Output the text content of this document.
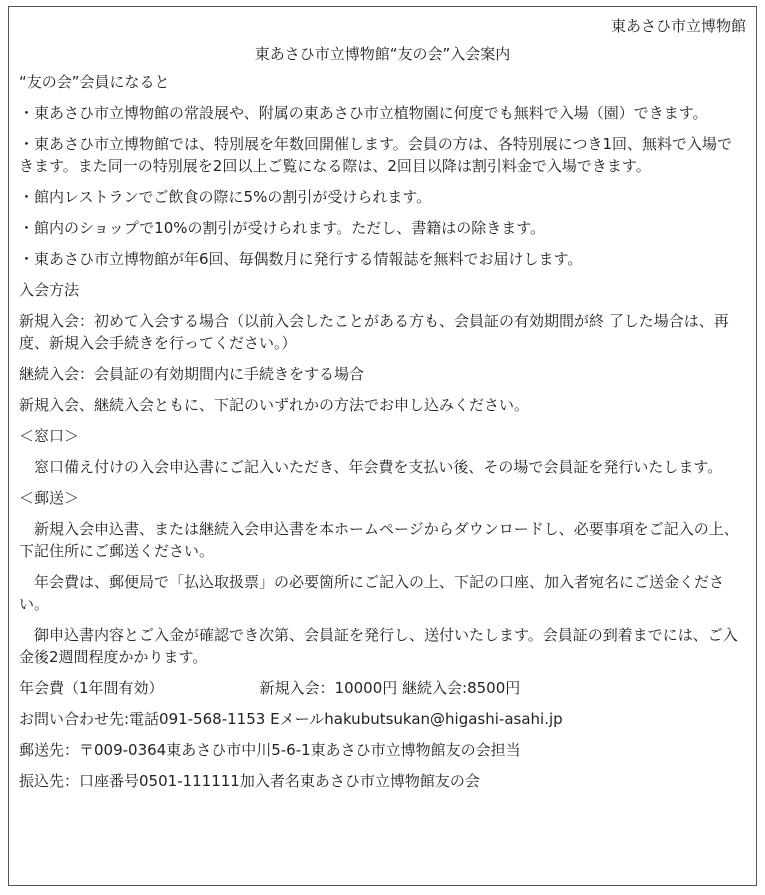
東あさひ市立博物館

東あさひ市立博物館“友の会”入会案内

“友の会”会員になると

・東あさひ市立博物館の常設展や、附属の東あさひ市立植物園に何度でも無料で入場（園）できます。

・東あさひ市立博物館では、特別展を年数回開催します。会員の方は、各特別展につき1回、無料で入場できます。また同一の特別展を2回以上ご覧になる際は、2回目以降は割引料金で入場できます。

・館内レストランでご飲食の際に5%の割引が受けられます。

・館内のショップで10%の割引が受けられます。ただし、書籍はの除きます。

・東あさひ市立博物館が年6回、毎偶数月に発行する情報誌を無料でお届けします。

入会方法

新規入会：初めて入会する場合（以前入会したことがある方も、会員証の有効期間が終 了した場合は、再度、新規入会手続きを行ってください。）

継続入会：会員証の有効期間内に手続きをする場合

新規入会、継続入会ともに、下記のいずれかの方法でお申し込みください。

＜窓口＞

窓口備え付けの入会申込書にご記入いただき、年会費を支払い後、その場で会員証を発行いたします。

＜郵送＞

新規入会申込書、または継続入会申込書を本ホームページからダウンロードし、必要事項をご記入の上、下記住所にご郵送ください。

年会費は、郵便局で「払込取扱票」の必要箇所にご記入の上、下記の口座、加入者宛名にご送金ください。

御申込書内容とご入金が確認でき次第、会員証を発行し、送付いたします。会員証の到着までには、ご入金後2週間程度かかります。

年会費（1年間有効）	新規入会：10000円 継続入会:8500円

お問い合わせ先:電話091-568-1153 Eメールhakubutsukan@higashi-asahi.jp

郵送先：〒009-0364東あさひ市中川5-6-1東あさひ市立博物館友の会担当

振込先：口座番号0501-111111加入者名東あさひ市立博物館友の会
